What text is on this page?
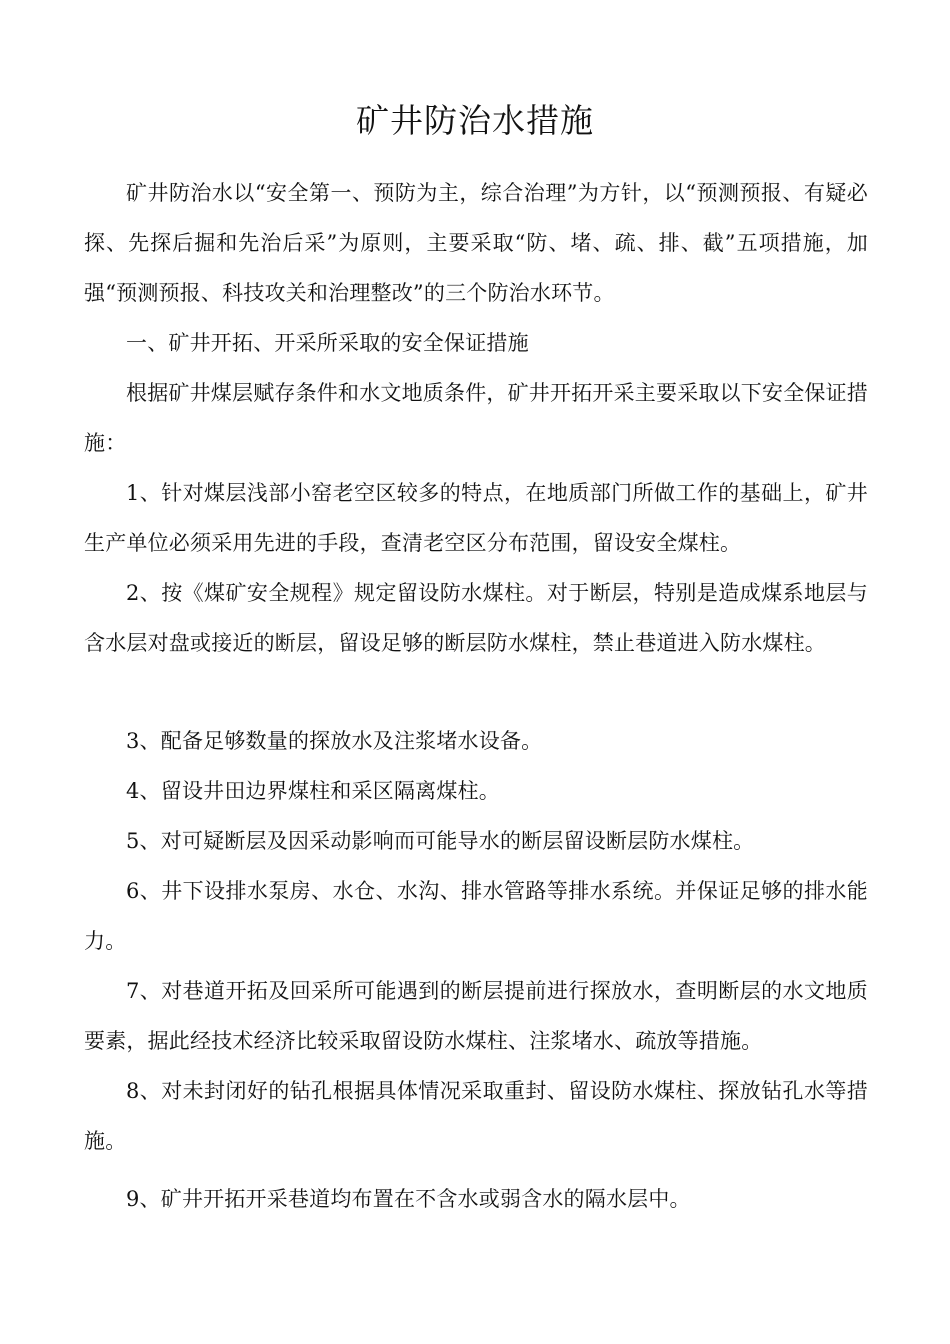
矿井防治水措施

矿井防治水以“安全第一、预防为主，综合治理”为方针，以“预测预报、有疑必探、先探后掘和先治后采”为原则，主要采取“防、堵、疏、排、截”五项措施，加强“预测预报、科技攻关和治理整改”的三个防治水环节。

一、矿井开拓、开采所采取的安全保证措施

根据矿井煤层赋存条件和水文地质条件，矿井开拓开采主要采取以下安全保证措施：

1、针对煤层浅部小窑老空区较多的特点，在地质部门所做工作的基础上，矿井生产单位必须采用先进的手段，查清老空区分布范围，留设安全煤柱。

2、按《煤矿安全规程》规定留设防水煤柱。对于断层，特别是造成煤系地层与含水层对盘或接近的断层，留设足够的断层防水煤柱，禁止巷道进入防水煤柱。

3、配备足够数量的探放水及注浆堵水设备。

4、留设井田边界煤柱和采区隔离煤柱。

5、对可疑断层及因采动影响而可能导水的断层留设断层防水煤柱。

6、井下设排水泵房、水仓、水沟、排水管路等排水系统。并保证足够的排水能力。

7、对巷道开拓及回采所可能遇到的断层提前进行探放水，查明断层的水文地质要素，据此经技术经济比较采取留设防水煤柱、注浆堵水、疏放等措施。

8、对未封闭好的钻孔根据具体情况采取重封、留设防水煤柱、探放钻孔水等措施。

9、矿井开拓开采巷道均布置在不含水或弱含水的隔水层中。
